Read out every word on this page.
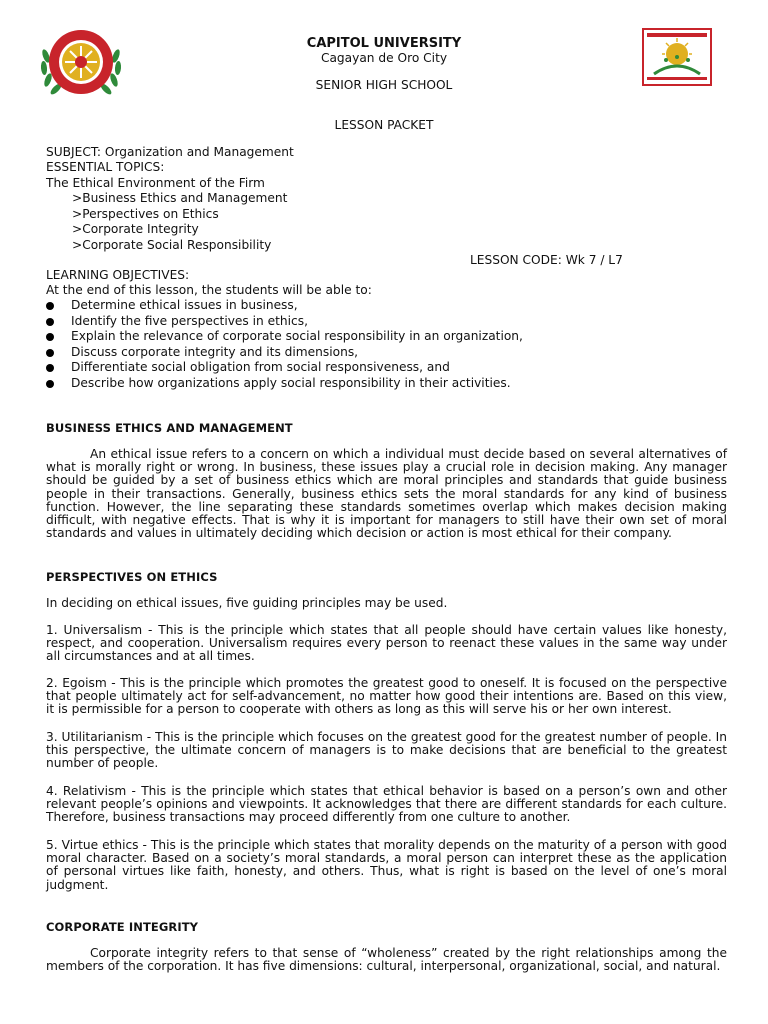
CAPITOL UNIVERSITY
Cagayan de Oro City
SENIOR HIGH SCHOOL
LESSON PACKET
SUBJECT: Organization and Management
ESSENTIAL TOPICS:
The Ethical Environment of the Firm
>Business Ethics and Management
>Perspectives on Ethics
>Corporate Integrity
>Corporate Social Responsibility
LESSON CODE: Wk 7 / L7
LEARNING OBJECTIVES:
At the end of this lesson, the students will be able to:
Determine ethical issues in business,
Identify the five perspectives in ethics,
Explain the relevance of corporate social responsibility in an organization,
Discuss corporate integrity and its dimensions,
Differentiate social obligation from social responsiveness, and
Describe how organizations apply social responsibility in their activities.
BUSINESS ETHICS AND MANAGEMENT

An ethical issue refers to a concern on which a individual must decide based on several alternatives of what is morally right or wrong. In business, these issues play a crucial role in decision making. Any manager should be guided by a set of business ethics which are moral principles and standards that guide business people in their transactions. Generally, business ethics sets the moral standards for any kind of business function. However, the line separating these standards sometimes overlap which makes decision making difficult, with negative effects. That is why it is important for managers to still have their own set of moral standards and values in ultimately deciding which decision or action is most ethical for their company.

PERSPECTIVES ON ETHICS

In deciding on ethical issues, five guiding principles may be used.

1. Universalism - This is the principle which states that all people should have certain values like honesty, respect, and cooperation. Universalism requires every person to reenact these values in the same way under all circumstances and at all times.

2. Egoism - This is the principle which promotes the greatest good to oneself. It is focused on the perspective that people ultimately act for self-advancement, no matter how good their intentions are. Based on this view, it is permissible for a person to cooperate with others as long as this will serve his or her own interest.

3. Utilitarianism - This is the principle which focuses on the greatest good for the greatest number of people. In this perspective, the ultimate concern of managers is to make decisions that are beneficial to the greatest number of people.

4. Relativism - This is the principle which states that ethical behavior is based on a person’s own and other relevant people’s opinions and viewpoints. It acknowledges that there are different standards for each culture. Therefore, business transactions may proceed differently from one culture to another.

5. Virtue ethics - This is the principle which states that morality depends on the maturity of a person with good moral character. Based on a society’s moral standards, a moral person can interpret these as the application of personal virtues like faith, honesty, and others. Thus, what is right is based on the level of one’s moral judgment.

CORPORATE INTEGRITY

Corporate integrity refers to that sense of “wholeness” created by the right relationships among the members of the corporation. It has five dimensions: cultural, interpersonal, organizational, social, and natural.
